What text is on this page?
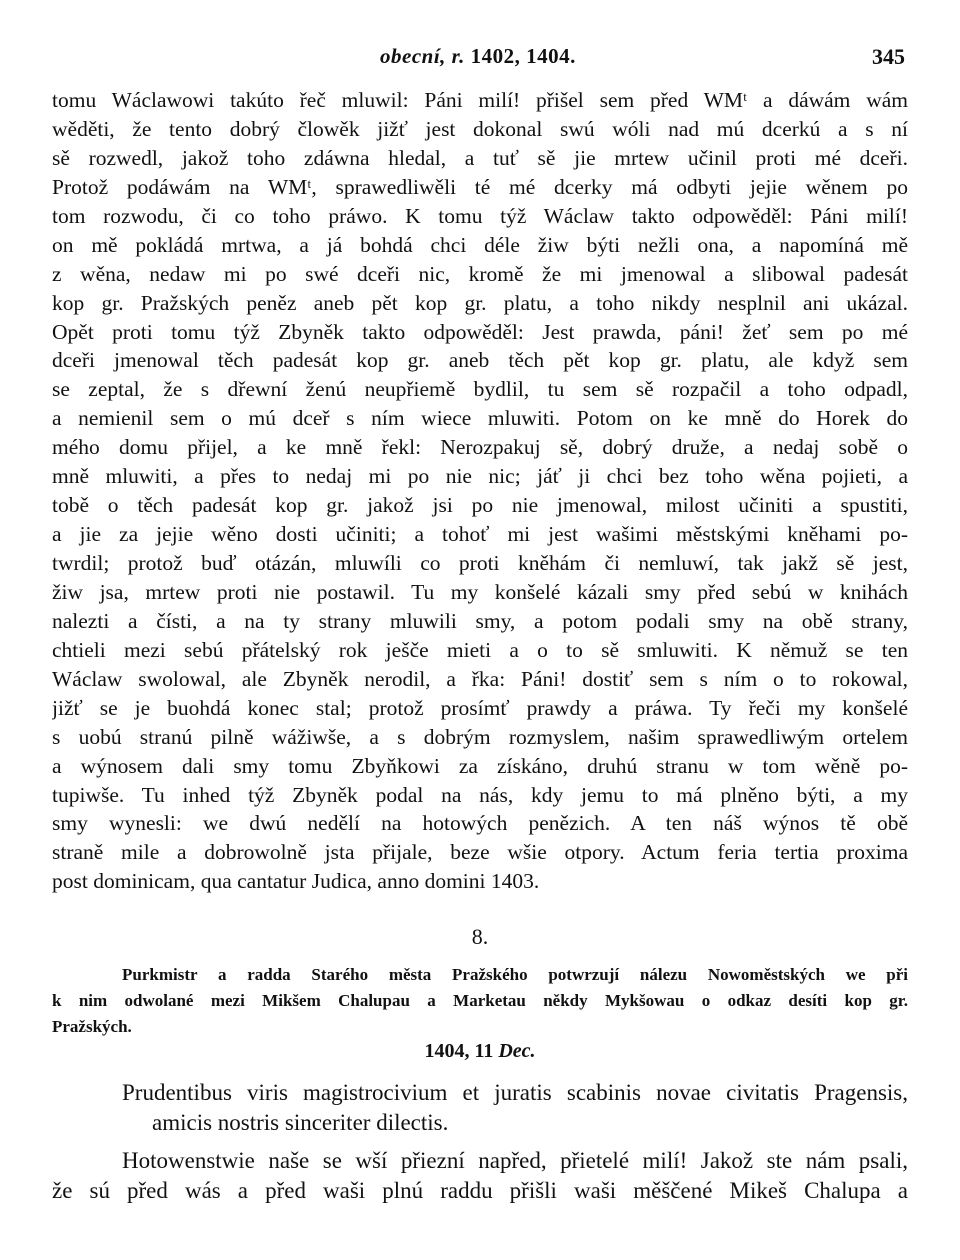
obecní, r. 1402, 1404.	345
tomu Wáclawowi takúto řeč mluwil: Páni milí! přišel sem před WMᵗ a dáwám wám
wěděti, že tento dobrý člowěk jižť jest dokonal swú wóli nad mú dcerkú a s ní
sě rozwedl, jakož toho zdáwna hledal, a tuť sě jie mrtew učinil proti mé dceři.
Protož podáwám na WMᵗ, sprawedliwěli té mé dcerky má odbyti jejie wěnem po
tom rozwodu, či co toho práwo. K tomu týž Wáclaw takto odpowěděl: Páni milí!
on mě pokládá mrtwa, a já bohdá chci déle žiw býti nežli ona, a napomíná mě
z wěna, nedaw mi po swé dceři nic, kromě že mi jmenowal a slibowal padesát
kop gr. Pražských peněz aneb pět kop gr. platu, a toho nikdy nesplnil ani ukázal.
Opět proti tomu týž Zbyněk takto odpowěděl: Jest prawda, páni! žeť sem po mé
dceři jmenowal těch padesát kop gr. aneb těch pět kop gr. platu, ale když sem
se zeptal, že s dřewní ženú neupřiemě bydlil, tu sem sě rozpačil a toho odpadl,
a nemienil sem o mú dceř s ním wiece mluwiti. Potom on ke mně do Horek do
mého domu přijel, a ke mně řekl: Nerozpakuj sě, dobrý druže, a nedaj sobě o
mně mluwiti, a přes to nedaj mi po nie nic; jáť ji chci bez toho wěna pojieti, a
tobě o těch padesát kop gr. jakož jsi po nie jmenowal, milost učiniti a spustiti,
a jie za jejie wěno dosti učiniti; a tohoť mi jest wašimi městskými kněhami po-
twrdil; protož buď otázán, mluwíli co proti kněhám či nemluwí, tak jakž sě jest,
žiw jsa, mrtew proti nie postawil. Tu my konšelé kázali smy před sebú w knihách
nalezti a čísti, a na ty strany mluwili smy, a potom podali smy na obě strany,
chtieli mezi sebú přátelský rok ješče mieti a o to sě smluwiti. K němuž se ten
Wáclaw swolowal, ale Zbyněk nerodil, a řka: Páni! dostiť sem s ním o to rokowal,
jižť se je buohdá konec stal; protož prosímť prawdy a práwa. Ty řeči my konšelé
s uobú stranú pilně wážiwše, a s dobrým rozmyslem, našim sprawedliwým ortelem
a wýnosem dali smy tomu Zbyňkowi za získáno, druhú stranu w tom wěně po-
tupiwše. Tu inhed týž Zbyněk podal na nás, kdy jemu to má plněno býti, a my
smy wynesli: we dwú nedělí na hotowých penězich. A ten náš wýnos tě obě
straně mile a dobrowolně jsta přijale, beze wšie otpory. Actum feria tertia proxima
post dominicam, qua cantatur Judica, anno domini 1403.
8.
Purkmistr a radda Starého města Pražského potwrzují nálezu Nowoměstských we při
k nim odwolané mezi Mikšem Chalupau a Marketau někdy Mykšowau o odkaz desíti kop gr.
Pražských.
1404, 11 Dec.
Prudentibus viris magistrocivium et juratis scabinis novae civitatis Pragensis,
amicis nostris sinceriter dilectis.
Hotowenstwie naše se wší přiezní napřed, přietelé milí! Jakož ste nám psali,
že sú před wás a před waši plnú raddu přišli waši měščené Mikeš Chalupa a
